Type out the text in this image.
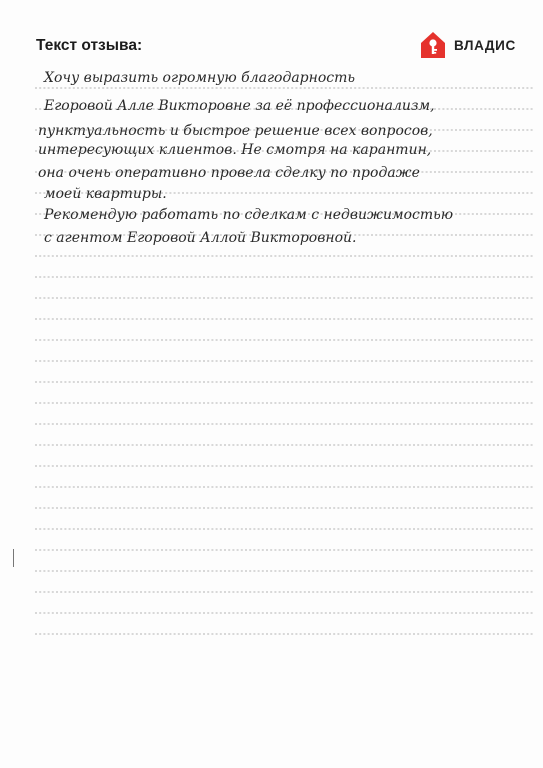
Текст отзыва:	ВЛАДИС
Хочу выразить огромную благодарность
Егоровой Алле Викторовне за её профессионализм,
пунктуальность и быстрое решение всех вопросов,
интересующих клиентов. Не смотря на карантин,
она очень оперативно провела сделку по продаже
моей квартиры.
Рекомендую работать по сделкам с недвижимостью
с агентом Егоровой Аллой Викторовной.
